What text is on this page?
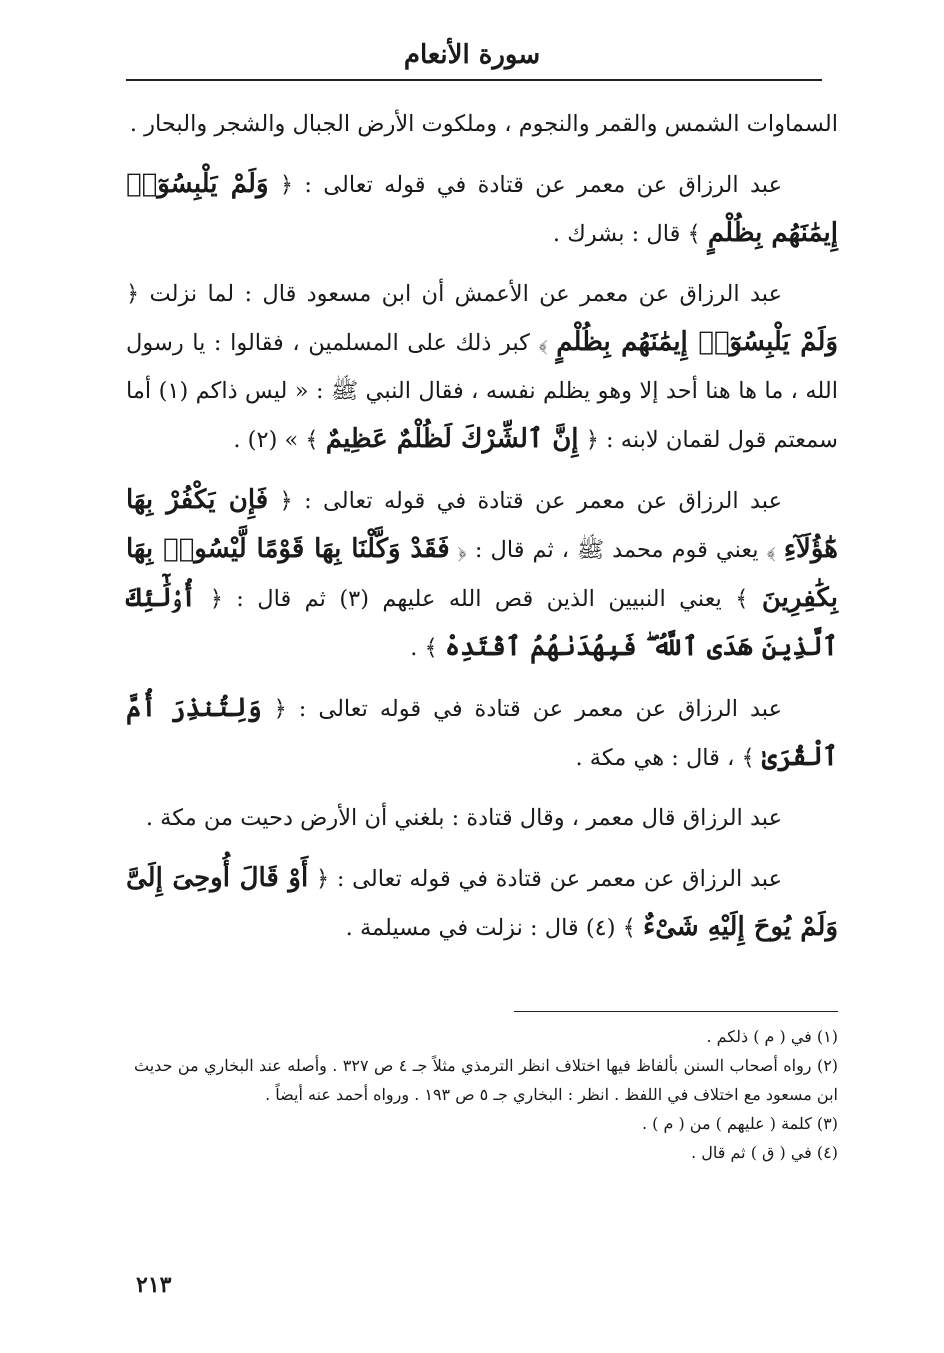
سورة الأنعام

السماوات الشمس والقمر والنجوم ، وملكوت الأرض الجبال والشجر والبحار .

عبد الرزاق عن معمر عن قتادة في قوله تعالى : ﴿ وَلَمْ يَلْبِسُوٓا۟ إِيمَٰنَهُم بِظُلْمٍ ﴾ قال : بشرك .

عبد الرزاق عن معمر عن الأعمش أن ابن مسعود قال : لما نزلت ﴿ وَلَمْ يَلْبِسُوٓا۟ إِيمَٰنَهُم بِظُلْمٍ ﴾ كبر ذلك على المسلمين ، فقالوا : يا رسول الله ، ما ها هنا أحد إلا وهو يظلم نفسه ، فقال النبي ﷺ : « ليس ذاكم (١) أما سمعتم قول لقمان لابنه : ﴿ إِنَّ ٱلشِّرْكَ لَظُلْمٌ عَظِيمٌ ﴾ » (٢) .

عبد الرزاق عن معمر عن قتادة في قوله تعالى : ﴿ فَإِن يَكْفُرْ بِهَا هَٰٓؤُلَآءِ ﴾ يعني قوم محمد ﷺ ، ثم قال : ﴿ فَقَدْ وَكَّلْنَا بِهَا قَوْمًا لَّيْسُوا۟ بِهَا بِكَٰفِرِينَ ﴾ يعني النبيين الذين قص الله عليهم (٣) ثم قال : ﴿ أُو۟لَٰٓئِكَ ٱلَّذِينَ هَدَى ٱللَّهُ ۖ فَبِهُدَىٰهُمُ ٱقْتَدِهْ ﴾ .

عبد الرزاق عن معمر عن قتادة في قوله تعالى : ﴿ وَلِتُنذِرَ أُمَّ ٱلْقُرَىٰ ﴾ ، قال : هي مكة .

عبد الرزاق قال معمر ، وقال قتادة : بلغني أن الأرض دحيت من مكة .

عبد الرزاق عن معمر عن قتادة في قوله تعالى : ﴿ أَوْ قَالَ أُوحِىَ إِلَىَّ وَلَمْ يُوحَ إِلَيْهِ شَىْءٌ ﴾ (٤) قال : نزلت في مسيلمة .

(١) في ( م ) ذلكم .

(٢) رواه أصحاب السنن بألفاظ فيها اختلاف انظر الترمذي مثلاً جـ ٤ ص ٣٢٧ . وأصله عند البخاري من حديث ابن مسعود مع اختلاف في اللفظ . انظر : البخاري جـ ٥ ص ١٩٣ . ورواه أحمد عنه أيضاً .

(٣) كلمة ( عليهم ) من ( م ) .

(٤) في ( ق ) ثم قال .

٢١٣
